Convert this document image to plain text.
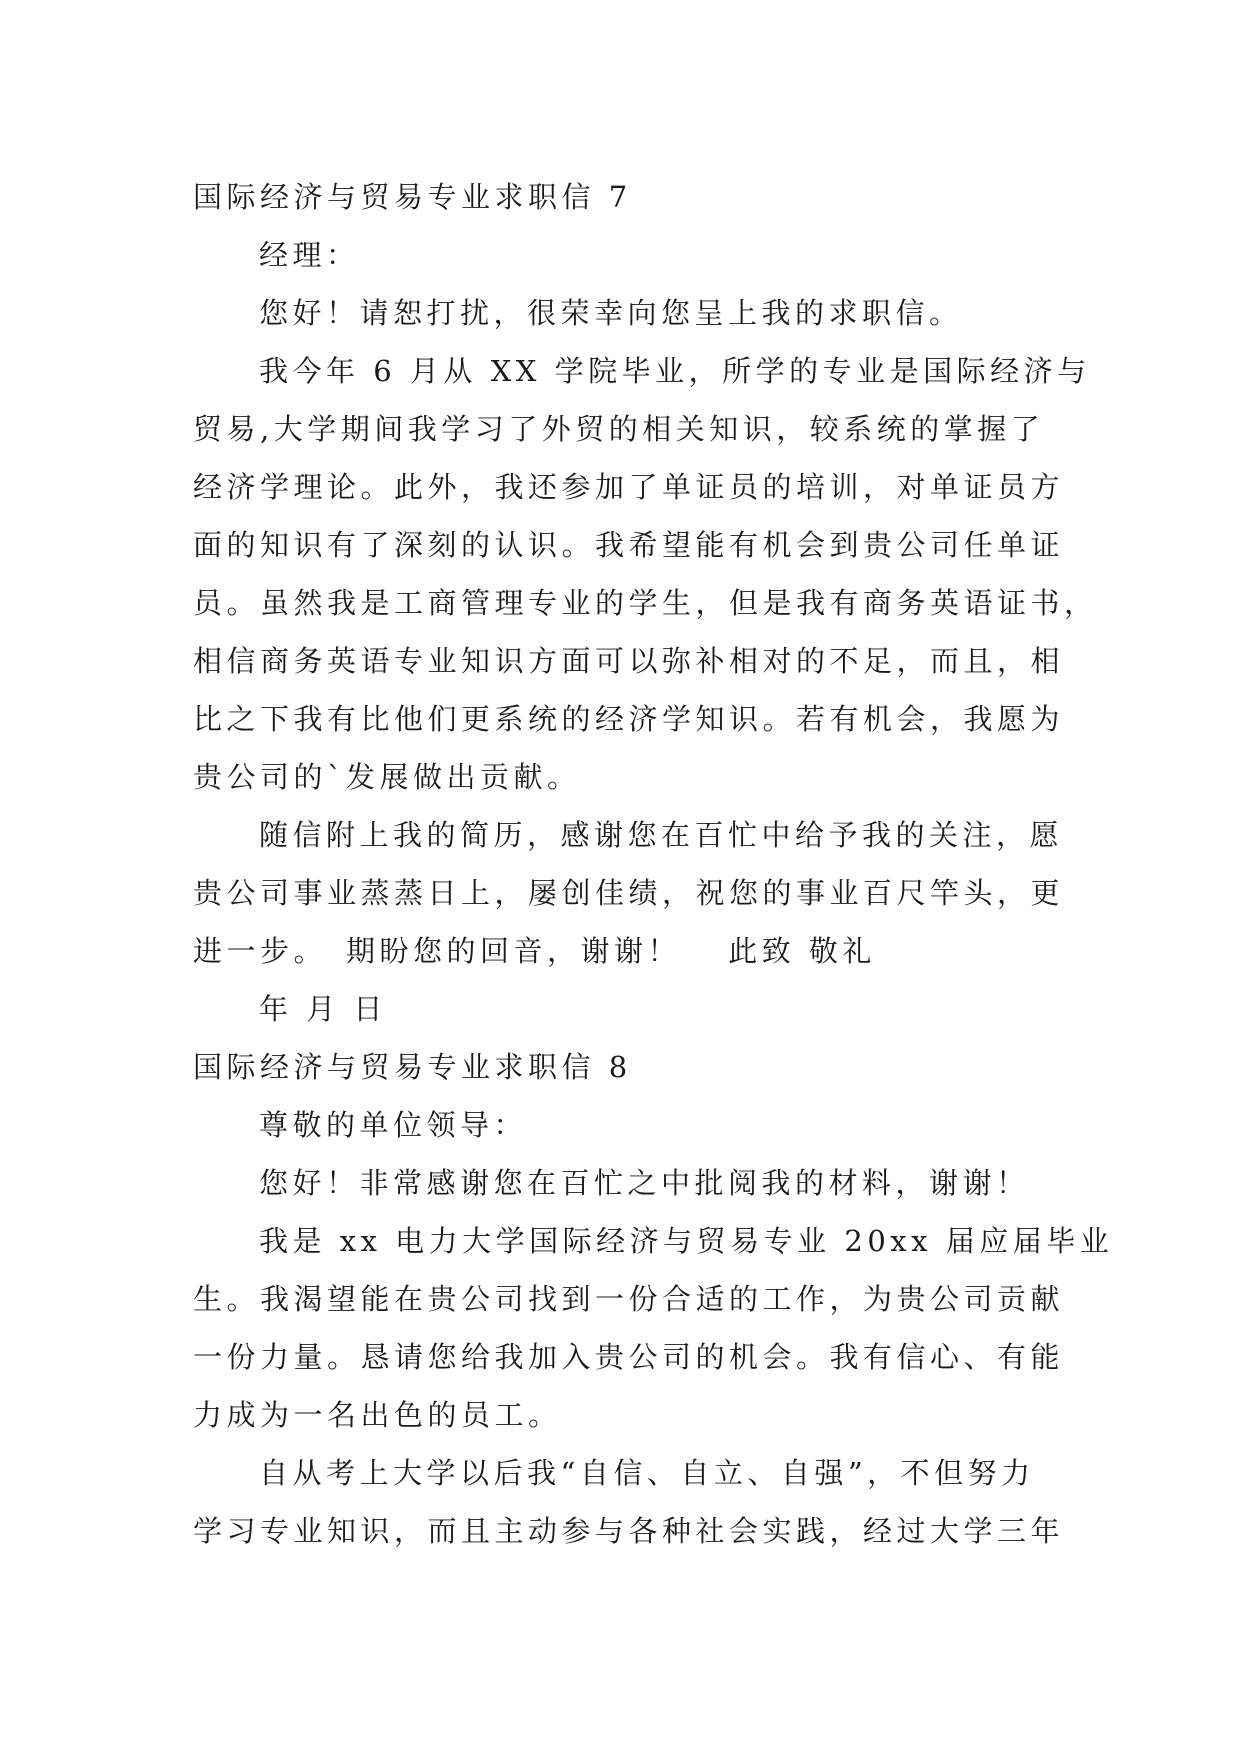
国际经济与贸易专业求职信 7

经理：

您好！请恕打扰，很荣幸向您呈上我的求职信。

我今年 6 月从 XX 学院毕业，所学的专业是国际经济与

贸易,大学期间我学习了外贸的相关知识，较系统的掌握了

经济学理论。此外，我还参加了单证员的培训，对单证员方

面的知识有了深刻的认识。我希望能有机会到贵公司任单证

员。虽然我是工商管理专业的学生，但是我有商务英语证书，

相信商务英语专业知识方面可以弥补相对的不足，而且，相

比之下我有比他们更系统的经济学知识。若有机会，我愿为

贵公司的`发展做出贡献。

随信附上我的简历，感谢您在百忙中给予我的关注，愿

贵公司事业蒸蒸日上，屡创佳绩，祝您的事业百尺竿头，更

进一步。　期盼您的回音，谢谢！　 此致 敬礼

年 月 日

国际经济与贸易专业求职信 8

尊敬的单位领导：

您好！非常感谢您在百忙之中批阅我的材料，谢谢！

我是 xx 电力大学国际经济与贸易专业 20xx 届应届毕业

生。我渴望能在贵公司找到一份合适的工作，为贵公司贡献

一份力量。恳请您给我加入贵公司的机会。我有信心、有能

力成为一名出色的员工。

自从考上大学以后我“自信、自立、自强”，不但努力

学习专业知识，而且主动参与各种社会实践，经过大学三年
